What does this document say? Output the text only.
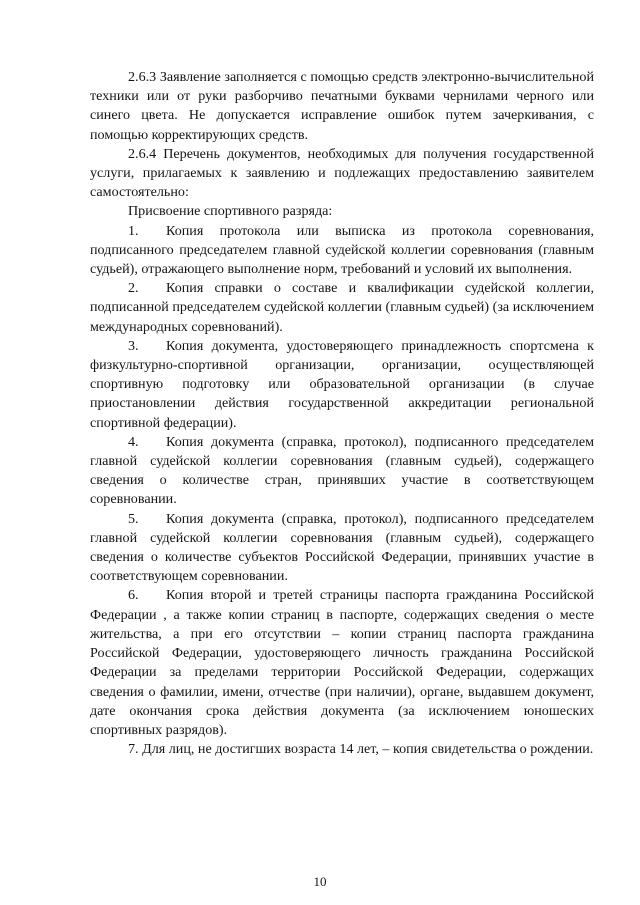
2.6.3 Заявление заполняется с помощью средств электронно-вычислительной техники или от руки разборчиво печатными буквами чернилами черного или синего цвета. Не допускается исправление ошибок путем зачеркивания, с помощью корректирующих средств.

2.6.4 Перечень документов, необходимых для получения государственной услуги, прилагаемых к заявлению и подлежащих предоставлению заявителем самостоятельно:

Присвоение спортивного разряда:

1. Копия протокола или выписка из протокола соревнования, подписанного председателем главной судейской коллегии соревнования (главным судьей), отражающего выполнение норм, требований и условий их выполнения.

2. Копия справки о составе и квалификации судейской коллегии, подписанной председателем судейской коллегии (главным судьей) (за исключением международных соревнований).

3. Копия документа, удостоверяющего принадлежность спортсмена к физкультурно-спортивной организации, организации, осуществляющей спортивную подготовку или образовательной организации (в случае приостановлении действия государственной аккредитации региональной спортивной федерации).

4. Копия документа (справка, протокол), подписанного председателем главной судейской коллегии соревнования (главным судьей), содержащего сведения о количестве стран, принявших участие в соответствующем соревновании.

5. Копия документа (справка, протокол), подписанного председателем главной судейской коллегии соревнования (главным судьей), содержащего сведения о количестве субъектов Российской Федерации, принявших участие в соответствующем соревновании.

6. Копия второй и третей страницы паспорта гражданина Российской Федерации , а также копии страниц в паспорте, содержащих сведения о месте жительства, а при его отсутствии – копии страниц паспорта гражданина Российской Федерации, удостоверяющего личность гражданина Российской Федерации за пределами территории Российской Федерации, содержащих сведения о фамилии, имени, отчестве (при наличии), органе, выдавшем документ, дате окончания срока действия документа (за исключением юношеских спортивных разрядов).

7. Для лиц, не достигших возраста 14 лет, – копия свидетельства о рождении.

10
